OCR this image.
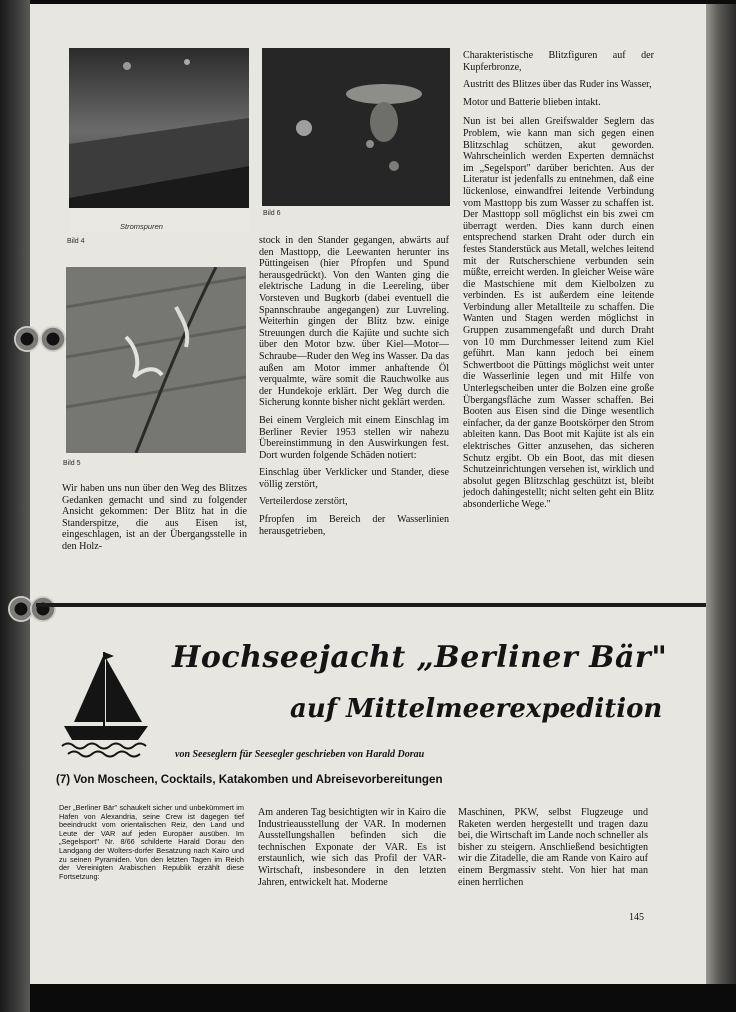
Stromspuren
Bild 4
Bild 5
Bild 6

Wir haben uns nun über den Weg des Blitzes Gedanken gemacht und sind zu folgender Ansicht gekommen: Der Blitz hat in die Standerspitze, die aus Eisen ist, eingeschlagen, ist an der Übergangsstelle in den Holz-

stock in den Stander gegangen, abwärts auf den Masttopp, die Leewanten herunter ins Püttingeisen (hier Pfropfen und Spund herausgedrückt). Von den Wanten ging die elektrische Ladung in die Leereling, über Vorsteven und Bugkorb (dabei eventuell die Spannschraube angegangen) zur Luvreling. Weiterhin gingen der Blitz bzw. einige Streuungen durch die Kajüte und suchte sich über den Motor bzw. über Kiel—Motor—Schraube—Ruder den Weg ins Wasser. Da das außen am Motor immer anhaftende Öl verqualmte, wäre somit die Rauchwolke aus der Hundekoje erklärt. Der Weg durch die Sicherung konnte bisher nicht geklärt werden.

Bei einem Vergleich mit einem Einschlag im Berliner Revier 1953 stellen wir nahezu Übereinstimmung in den Auswirkungen fest. Dort wurden folgende Schäden notiert:

Einschlag über Verklicker und Stander, diese völlig zerstört,

Verteilerdose zerstört,

Pfropfen im Bereich der Wasserlinien herausgetrieben,

Charakteristische Blitzfiguren auf der Kupferbronze,

Austritt des Blitzes über das Ruder ins Wasser,

Motor und Batterie blieben intakt.

Nun ist bei allen Greifswalder Seglern das Problem, wie kann man sich gegen einen Blitzschlag schützen, akut geworden. Wahrscheinlich werden Experten demnächst im „Segelsport" darüber berichten. Aus der Literatur ist jedenfalls zu entnehmen, daß eine lückenlose, einwandfrei leitende Verbindung vom Masttopp bis zum Wasser zu schaffen ist. Der Masttopp soll möglichst ein bis zwei cm überragt werden. Dies kann durch einen entsprechend starken Draht oder durch ein festes Standerstück aus Metall, welches leitend mit der Rutscherschiene verbunden sein müßte, erreicht werden. In gleicher Weise wäre die Mastschiene mit dem Kielbolzen zu verbinden. Es ist außerdem eine leitende Verbindung aller Metallteile zu schaffen. Die Wanten und Stagen werden möglichst in Gruppen zusammengefaßt und durch Draht von 10 mm Durchmesser leitend zum Kiel geführt. Man kann jedoch bei einem Schwertboot die Püttings möglichst weit unter die Wasserlinie legen und mit Hilfe von Unterlegscheiben unter die Bolzen eine große Übergangsfläche zum Wasser schaffen. Bei Booten aus Eisen sind die Dinge wesentlich einfacher, da der ganze Bootskörper den Strom ableiten kann. Das Boot mit Kajüte ist als ein elektrisches Gitter anzusehen, das sicheren Schutz ergibt. Ob ein Boot, das mit diesen Schutzeinrichtungen versehen ist, wirklich und absolut gegen Blitzschlag geschützt ist, bleibt jedoch dahingestellt; nicht selten geht ein Blitz absonderliche Wege."

Hochseejacht „Berliner Bär"
auf Mittelmeerexpedition
von Seeseglern für Seesegler geschrieben von Harald Dorau
(7) Von Moscheen, Cocktails, Katakomben und Abreisevorbereitungen
Der „Berliner Bär" schaukelt sicher und unbekümmert im Hafen von Alexandria, seine Crew ist dagegen tief beeindruckt vom orientalischen Reiz, den Land und Leute der VAR auf jeden Europäer ausüben. Im „Segelsport" Nr. 8/66 schilderte Harald Dorau den Landgang der Wolters-dorfer Besatzung nach Kairo und zu seinen Pyramiden. Von den letzten Tagen im Reich der Vereinigten Arabischen Republik erzählt diese Fortsetzung:

Am anderen Tag besichtigten wir in Kairo die Industrieausstellung der VAR. In modernen Ausstellungshallen befinden sich die technischen Exponate der VAR. Es ist erstaunlich, wie sich das Profil der VAR-Wirtschaft, insbesondere in den letzten Jahren, entwickelt hat. Moderne

Maschinen, PKW, selbst Flugzeuge und Raketen werden hergestellt und tragen dazu bei, die Wirtschaft im Lande noch schneller als bisher zu steigern. Anschließend besichtigten wir die Zitadelle, die am Rande von Kairo auf einem Bergmassiv steht. Von hier hat man einen herrlichen

145
